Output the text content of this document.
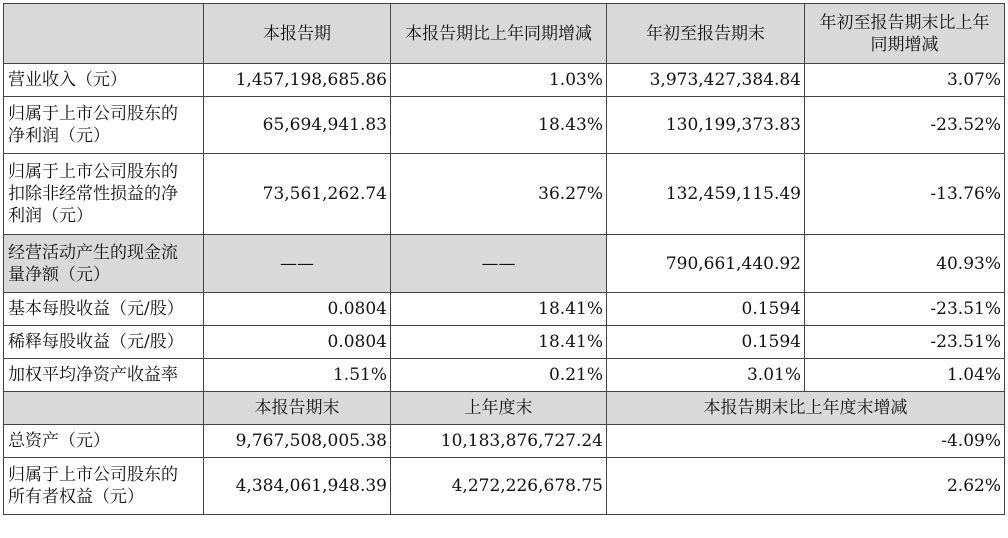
	本报告期	本报告期比上年同期增减	年初至报告期末	年初至报告期末比上年
同期增减

营业收入（元）	1,457,198,685.86	1.03%	3,973,427,384.84	3.07%

归属于上市公司股东的
净利润（元）	65,694,941.83	18.43%	130,199,373.83	-23.52%

归属于上市公司股东的
扣除非经常性损益的净
利润（元）	73,561,262.74	36.27%	132,459,115.49	-13.76%

经营活动产生的现金流
量净额（元）	——	——	790,661,440.92	40.93%
基本每股收益（元/股）	0.0804	18.41%	0.1594	-23.51%
稀释每股收益（元/股）	0.0804	18.41%	0.1594	-23.51%
加权平均净资产收益率	1.51%	0.21%	3.01%	1.04%
	本报告期末	上年度末	本报告期末比上年度末增减	
总资产（元）	9,767,508,005.38	10,183,876,727.24	-4.09%	

归属于上市公司股东的
所有者权益（元）	4,384,061,948.39	4,272,226,678.75	2.62%	
